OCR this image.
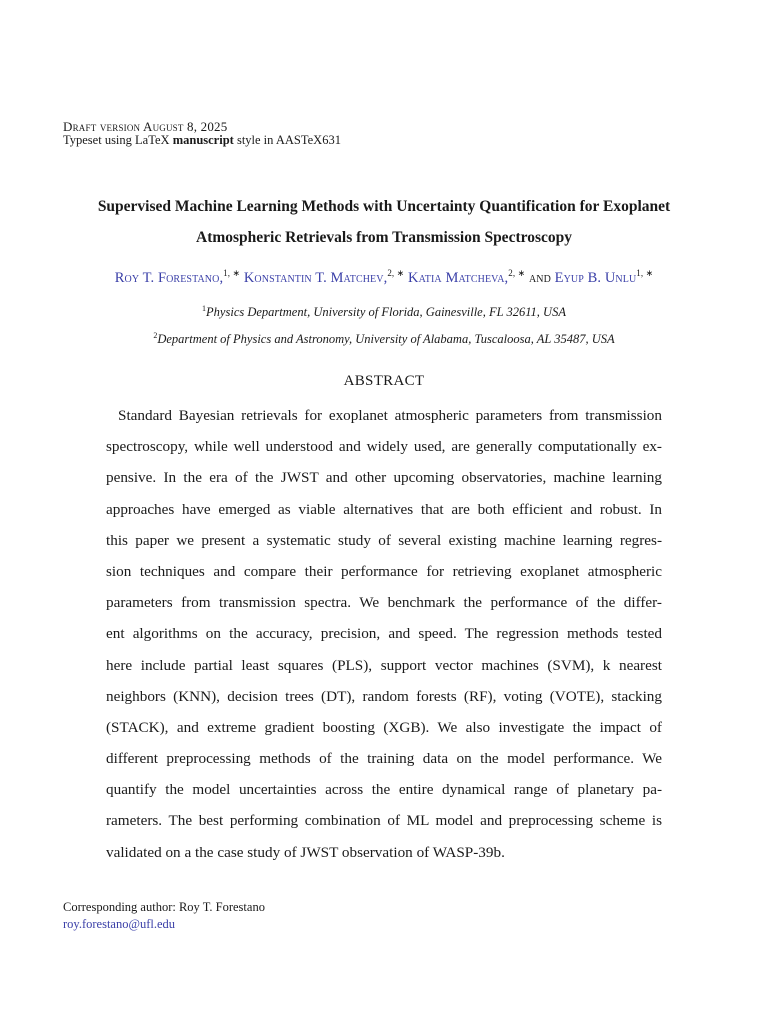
Draft version August 8, 2025
Typeset using LaTeX manuscript style in AASTeX631
Supervised Machine Learning Methods with Uncertainty Quantification for Exoplanet
Atmospheric Retrievals from Transmission Spectroscopy
Roy T. Forestano,$^{1, ∗}$ Konstantin T. Matchev,$^{2, ∗}$ Katia Matcheva,$^{2, ∗}$ and Eyup B. Unlu$^{1, ∗}$
$^1$Physics Department, University of Florida, Gainesville, FL 32611, USA
$^2$Department of Physics and Astronomy, University of Alabama, Tuscaloosa, AL 35487, USA
ABSTRACT
Standard Bayesian retrievals for exoplanet atmospheric parameters from transmission
spectroscopy, while well understood and widely used, are generally computationally ex-
pensive. In the era of the JWST and other upcoming observatories, machine learning
approaches have emerged as viable alternatives that are both efficient and robust. In
this paper we present a systematic study of several existing machine learning regres-
sion techniques and compare their performance for retrieving exoplanet atmospheric
parameters from transmission spectra. We benchmark the performance of the differ-
ent algorithms on the accuracy, precision, and speed. The regression methods tested
here include partial least squares (PLS), support vector machines (SVM), k nearest
neighbors (KNN), decision trees (DT), random forests (RF), voting (VOTE), stacking
(STACK), and extreme gradient boosting (XGB). We also investigate the impact of
different preprocessing methods of the training data on the model performance. We
quantify the model uncertainties across the entire dynamical range of planetary pa-
rameters. The best performing combination of ML model and preprocessing scheme is
validated on a the case study of JWST observation of WASP-39b.
Corresponding author: Roy T. Forestano
roy.forestano@ufl.edu
